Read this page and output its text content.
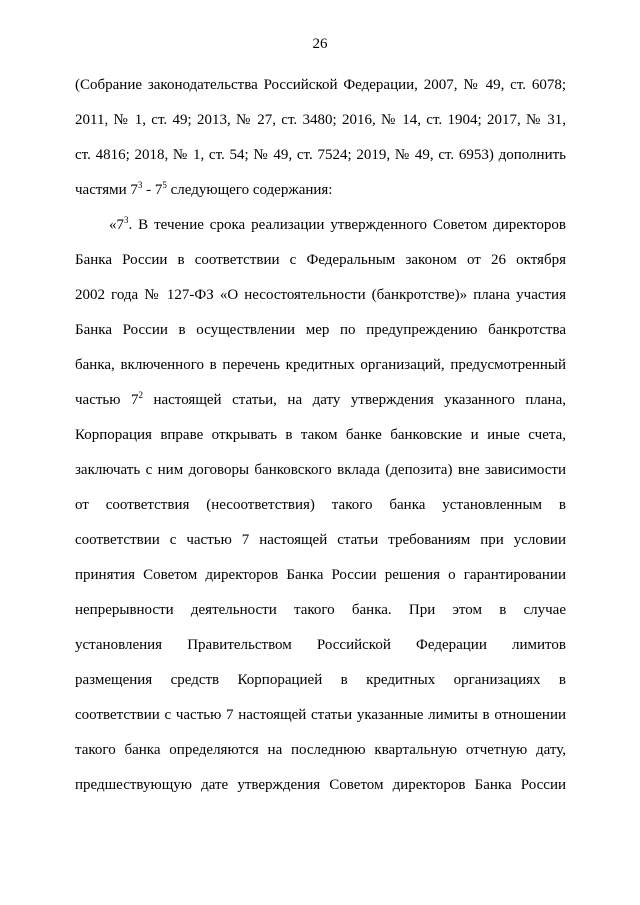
26
(Собрание законодательства Российской Федерации, 2007, № 49, ст. 6078;
2011, № 1, ст. 49; 2013, № 27, ст. 3480; 2016, № 14, ст. 1904; 2017, № 31,
ст. 4816; 2018, № 1, ст. 54; № 49, ст. 7524; 2019, № 49, ст. 6953) дополнить
частями $7^3 - 7^5$ следующего содержания:
«$7^3$. В течение срока реализации утвержденного Советом директоров
Банка России в соответствии с Федеральным законом от 26 октября
2002 года № 127-ФЗ «О несостоятельности (банкротстве)» плана участия
Банка России в осуществлении мер по предупреждению банкротства
банка, включенного в перечень кредитных организаций, предусмотренный
частью $7^2$ настоящей статьи, на дату утверждения указанного плана,
Корпорация вправе открывать в таком банке банковские и иные счета,
заключать с ним договоры банковского вклада (депозита) вне зависимости
от соответствия (несоответствия) такого банка установленным в
соответствии с частью 7 настоящей статьи требованиям при условии
принятия Советом директоров Банка России решения о гарантировании
непрерывности деятельности такого банка. При этом в случае
установления Правительством Российской Федерации лимитов
размещения средств Корпорацией в кредитных организациях в
соответствии с частью 7 настоящей статьи указанные лимиты в отношении
такого банка определяются на последнюю квартальную отчетную дату,
предшествующую дате утверждения Советом директоров Банка России
